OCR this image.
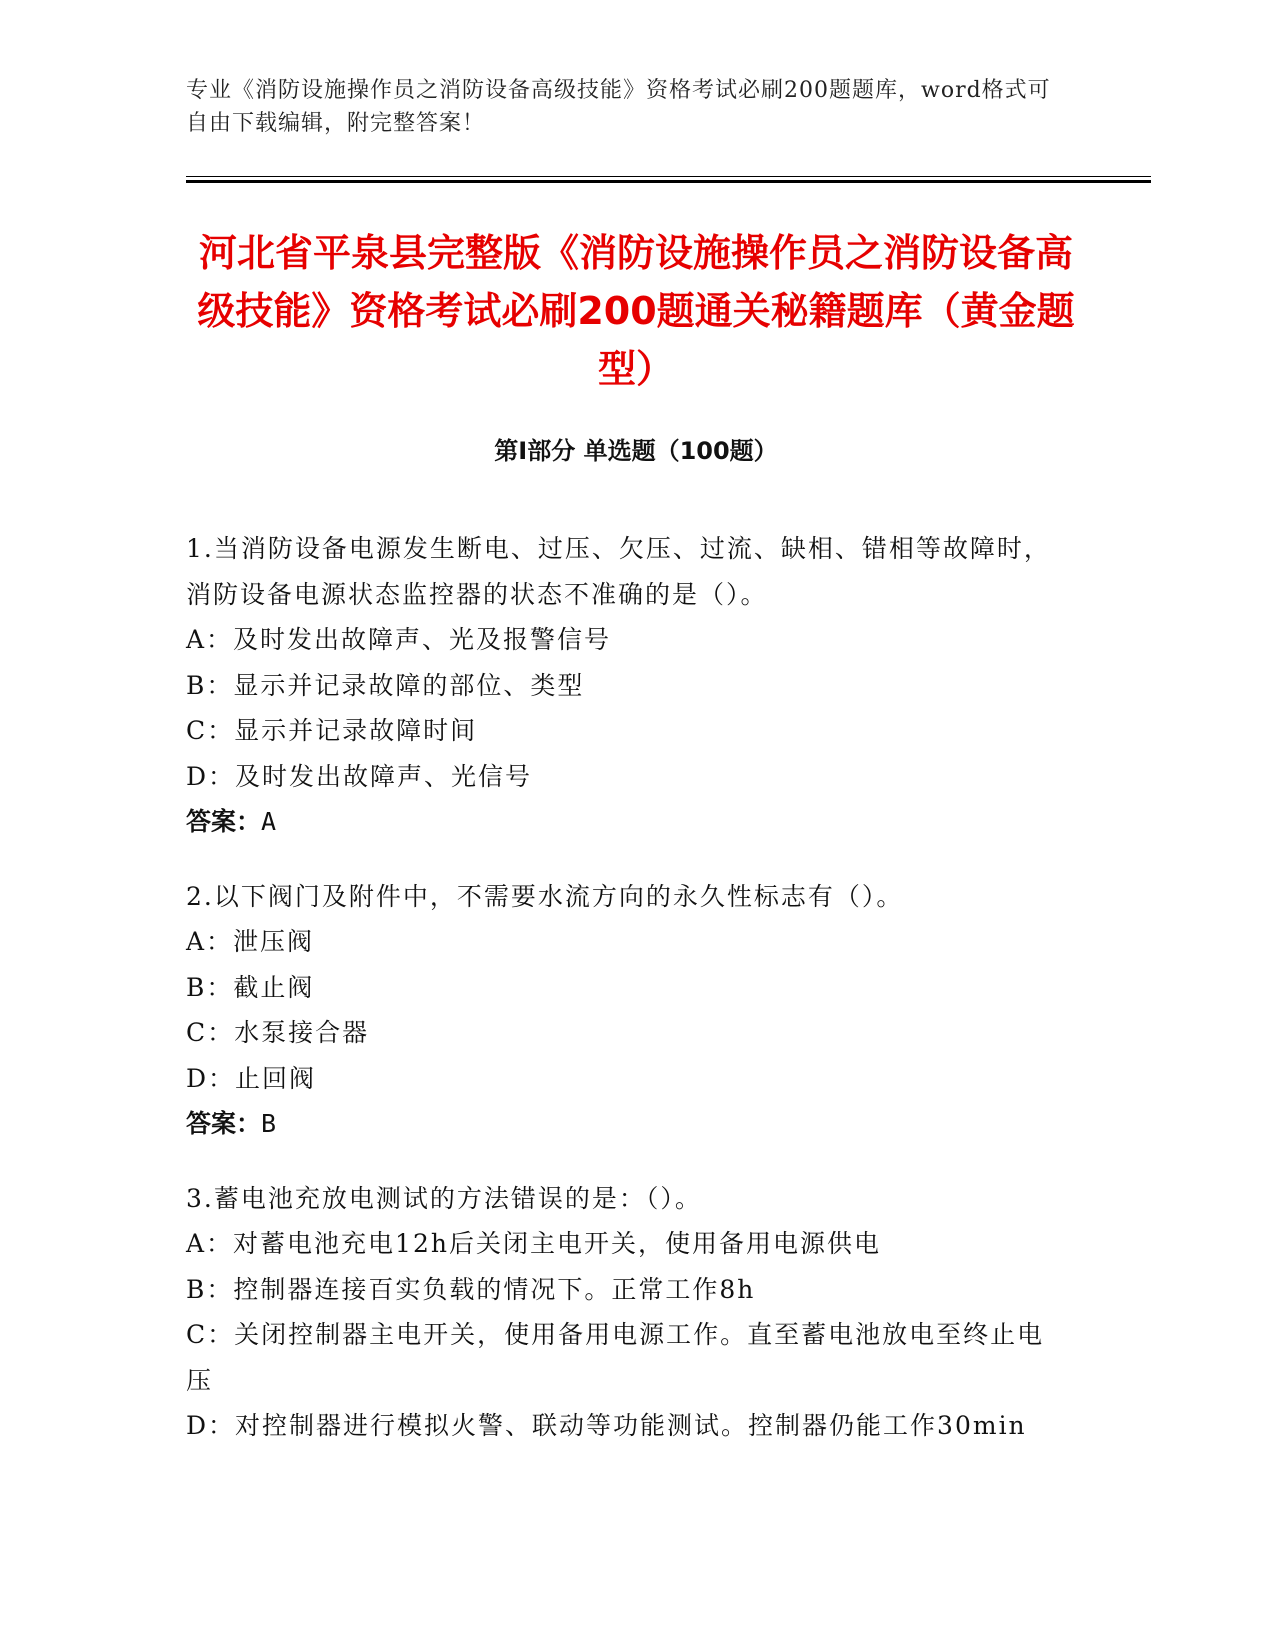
专业《消防设施操作员之消防设备高级技能》资格考试必刷200题题库，word格式可自由下载编辑，附完整答案！
河北省平泉县完整版《消防设施操作员之消防设备高级技能》资格考试必刷200题通关秘籍题库（黄金题型）
第Ⅰ部分 单选题（100题）
1.当消防设备电源发生断电、过压、欠压、过流、缺相、错相等故障时，消防设备电源状态监控器的状态不准确的是（）。
A：及时发出故障声、光及报警信号
B：显示并记录故障的部位、类型
C：显示并记录故障时间
D：及时发出故障声、光信号
答案：A
2.以下阀门及附件中，不需要水流方向的永久性标志有（）。
A：泄压阀
B：截止阀
C：水泵接合器
D：止回阀
答案：B
3.蓄电池充放电测试的方法错误的是：（）。
A：对蓄电池充电12h后关闭主电开关，使用备用电源供电
B：控制器连接百实负载的情况下。正常工作8h
C：关闭控制器主电开关，使用备用电源工作。直至蓄电池放电至终止电压
D：对控制器进行模拟火警、联动等功能测试。控制器仍能工作30min
